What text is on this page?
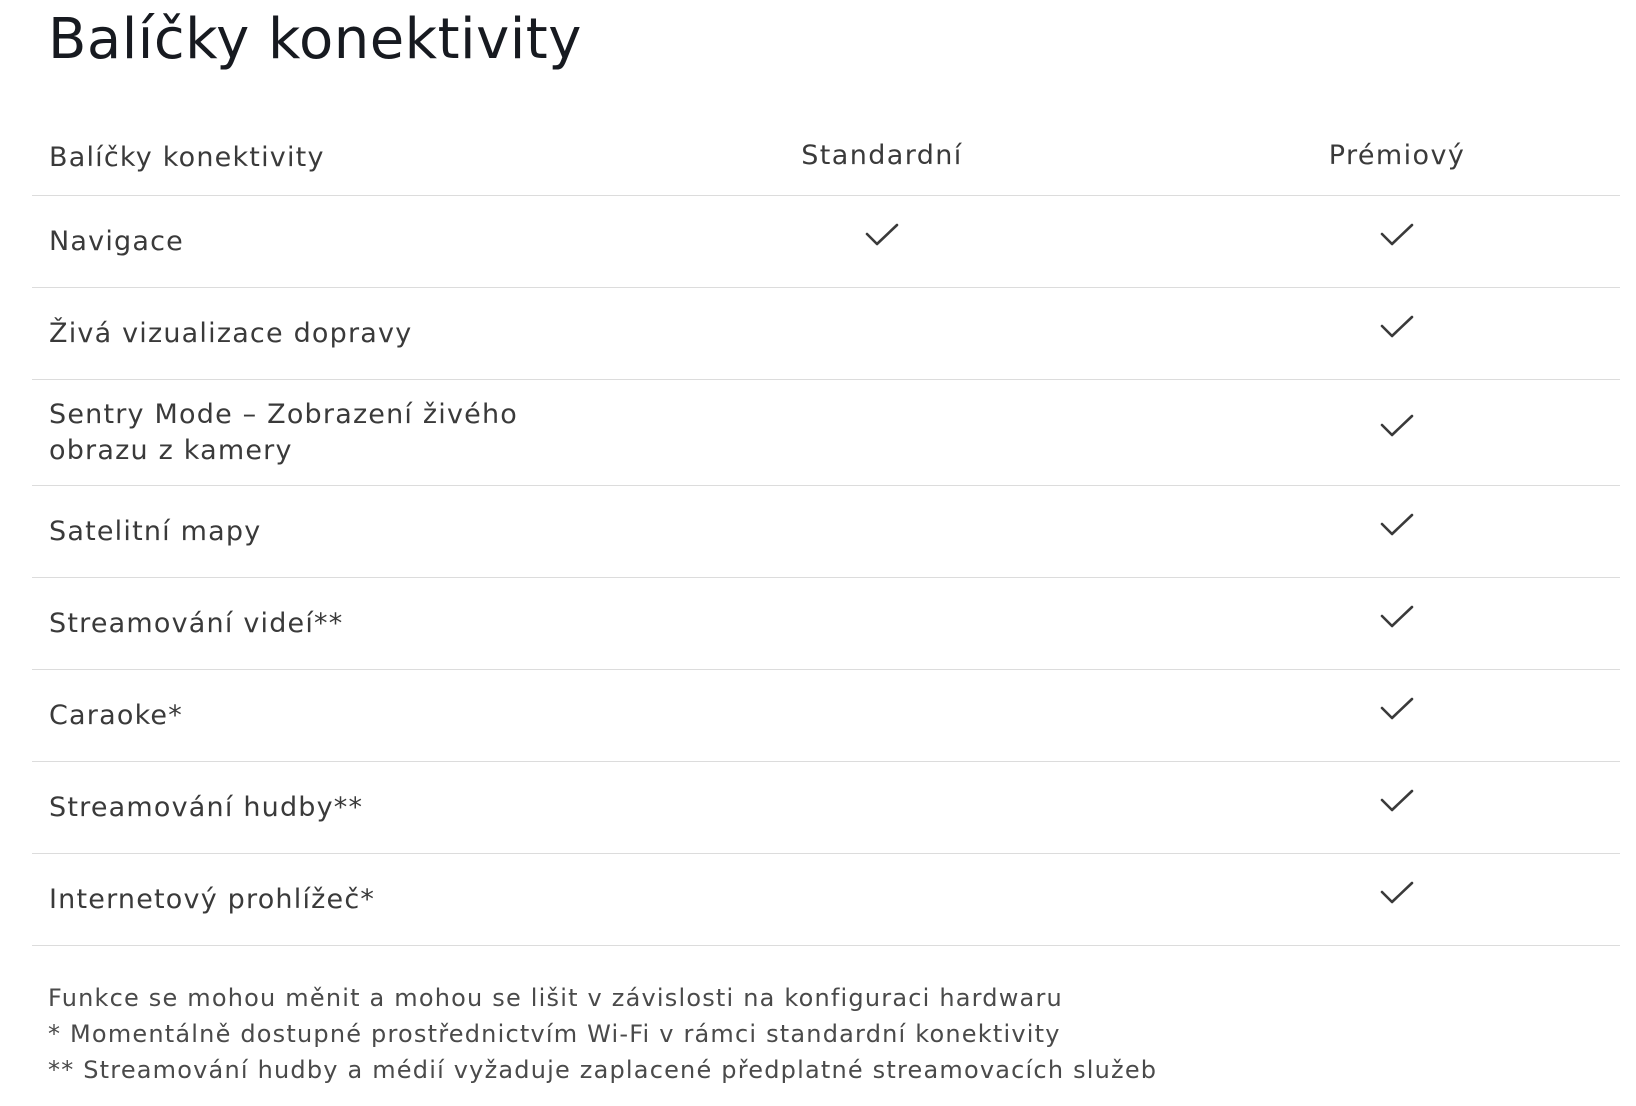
Balíčky konektivity
Balíčky konektivity	Standardní	Prémiový
Navigace
Živá vizualizace dopravy
Sentry Mode – Zobrazení živého
obrazu z kamery
Satelitní mapy
Streamování videí**
Caraoke*
Streamování hudby**
Internetový prohlížeč*
Funkce se mohou měnit a mohou se lišit v závislosti na konfiguraci hardwaru
* Momentálně dostupné prostřednictvím Wi-Fi v rámci standardní konektivity
** Streamování hudby a médií vyžaduje zaplacené předplatné streamovacích služeb
